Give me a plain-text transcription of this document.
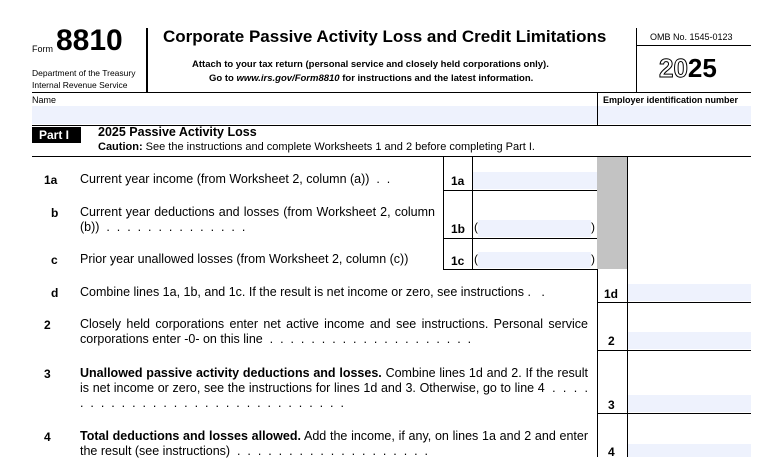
Form 8810
Department of the Treasury
Internal Revenue Service
Corporate Passive Activity Loss and Credit Limitations
Attach to your tax return (personal service and closely held corporations only).
Go to www.irs.gov/Form8810 for instructions and the latest information.
OMB No. 1545-0123
2025
Name	Employer identification number
Part I	2025 Passive Activity Loss
Caution: See the instructions and complete Worksheets 1 and 2 before completing Part I.
1a Current year income (from Worksheet 2, column (a))  .  .	1a
b Current year deductions and losses (from Worksheet 2, column (b))  .  .  .  .  .  .  .  .  .  .  .  .  .  .	1b (	)
c Prior year unallowed losses (from Worksheet 2, column (c))	1c (	)
d Combine lines 1a, 1b, and 1c. If the result is net income or zero, see instructions .   .	1d
2 Closely held corporations enter net active income and see instructions. Personal service corporations enter -0- on this line  .  .  .  .  .  .  .  .  .  .  .  .  .  .  .  .  .  .  .  .	2
3 Unallowed passive activity deductions and losses. Combine lines 1d and 2. If the result is net income or zero, see the instructions for lines 1d and 3. Otherwise, go to line 4  .  .  .  .  .  .  .  .  .  .  .  .  .  .  .  .  .  .  .  .  .  .  .  .  .  .  .  .  .  .	3
4 Total deductions and losses allowed. Add the income, if any, on lines 1a and 2 and enter the result (see instructions)  .  .  .  .  .  .  .  .  .  .  .  .  .  .  .  .  .  .  .	4
